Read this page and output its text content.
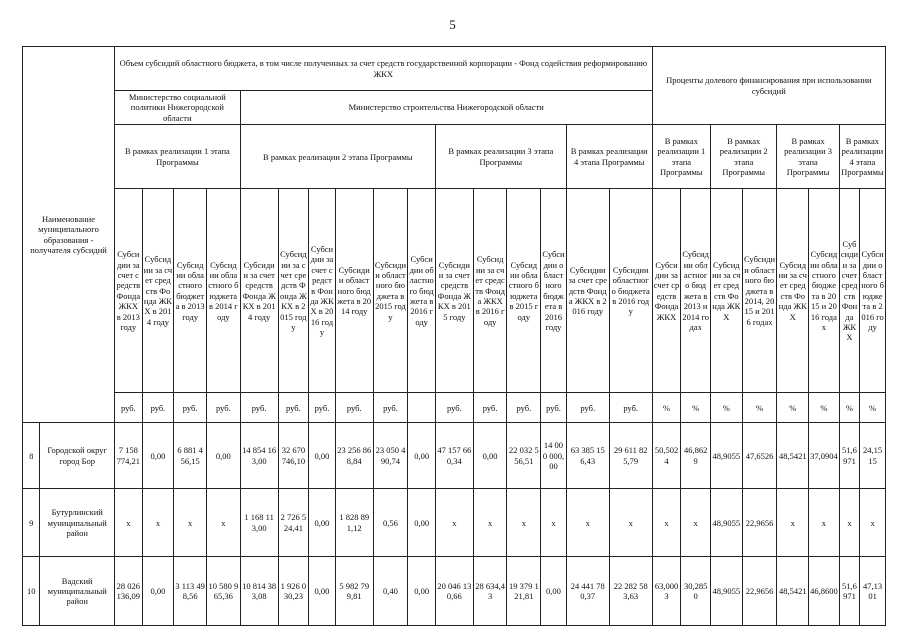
5
Наименование муниципального образования - получателя субсидий		Объем субсидий областного бюджета, в том числе полученных за счет средств государственной корпорации - Фонд содействия реформированию ЖКХ																Проценты долевого финансирования при использовании субсидий							
		Министерство социальной политики Нижегородской области				Министерство строительства Нижегородской области																			
		В рамках реализации 1 этапа Программы				В рамках реализации 2 этапа Программы						В рамках реализации 3 этапа Программы				В рамках реализации 4 этапа Программы		В рамках реализации 1 этапа Программы		В рамках реализации 2 этапа Программы		В рамках реализации 3 этапа Программы		В рамках реализации 4 этапа Программы	
		Субсидии за счет средств Фонда ЖКХ в 2013 году	Субсидии за счет средств Фонда ЖКХ в 2014 году	Субсидии областного бюджета в 2013 году	Субсидии областного бюджета в 2014 году	Субсидии за счет средств Фонда ЖКХ в 2014 году	Субсидии за счет средств Фонда ЖКХ в 2015 году	Субсидии за счет средств Фонда ЖКХ в 2016 году	Субсидии областного бюджета в 2014 году	Субсидии областного бюджета в 2015 году	Субсидии областного бюджета в 2016 году	Субсидии за счет средств Фонда ЖКХ в 2015 году	Субсидии за счет средств Фонда ЖКХ в 2016 году	Субсидии областного бюджета в 2015 году	Субсидии областного бюджета в 2016 году	Субсидии за счет средств Фонда ЖКХ в 2016 году	Субсидии областного бюджета в 2016 году	Субсидии за счет средств Фонда ЖКХ	Субсидии областного бюджета в 2013 и 2014 годах	Субсидии за счет средств Фонда ЖКХ	Субсидии областного бюджета в 2014, 2015 и 2016 годах	Субсидии за счет средств Фонда ЖКХ	Субсидии областного бюджета в 2015 и 2016 годах	Субсидии за счет средств Фонда ЖКХ	Субсидии областного бюджета в 2016 году
		руб.	руб.	руб.	руб.	руб.	руб.	руб.	руб.	руб.		руб.	руб.	руб.	руб.	руб.	руб.	%	%	%	%	%	%	%	%

8	Городской округ город Бор	7 158 774,21	0,00	6 881 456,15	0,00	14 854 163,00	32 670 746,10	0,00	23 256 868,84	23 050 490,74	0,00	47 157 660,34	0,00	22 032 556,51	14 000 000,00	63 385 156,43	29 611 825,79	50,5024	46,8629	48,9055	47,6526	48,5421	37,0904	51,6971	24,1515
9	Бутурлинский муниципальный район	x	x	x	x	1 168 113,00	2 726 524,41	0,00	1 828 891,12	0,56	0,00	x	x	x	x	x	x	x	x	48,9055	22,9656	x	x	x	x
10	Вадский муниципальный район	28 026 136,09	0,00	3 113 498,56	10 580 965,36	10 814 383,08	1 926 030,23	0,00	5 982 799,81	0,40	0,00	20 046 130,66	28 634,43	19 379 121,81	0,00	24 441 780,37	22 282 583,63	63,0003	30,2850	48,9055	22,9656	48,5421	46,8600	51,6971	47,1301
